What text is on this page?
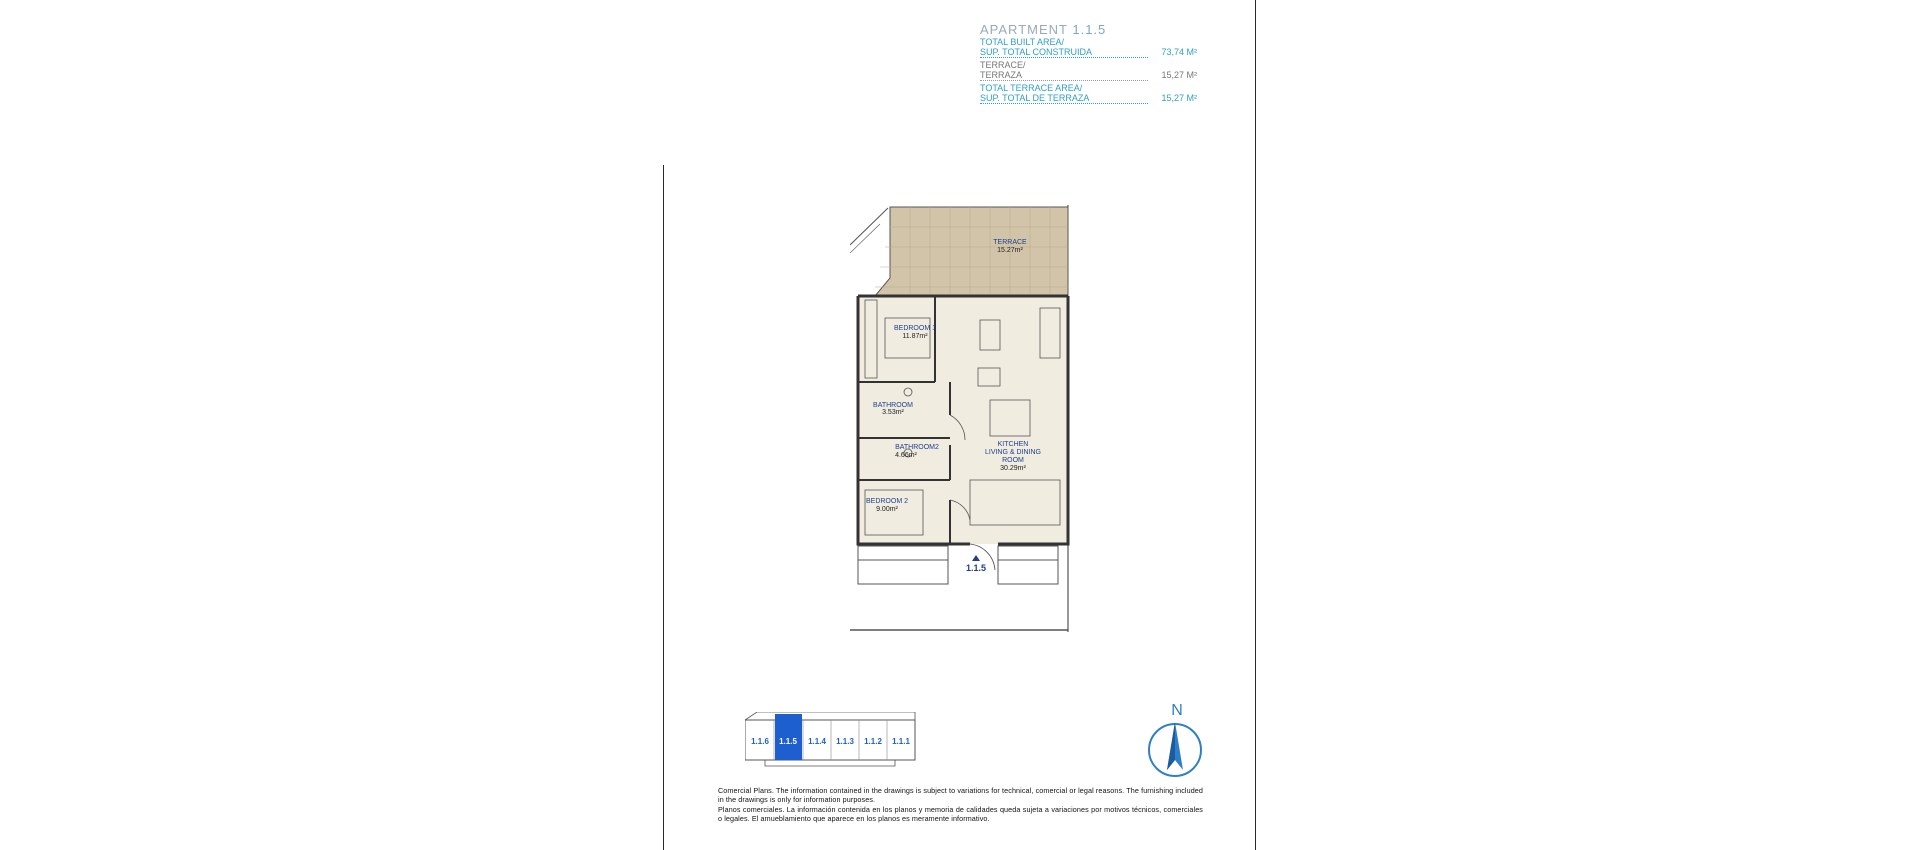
APARTMENT 1.1.5
TOTAL BUILT AREA/
SUP. TOTAL CONSTRUIDA	73,74 M²
TERRACE/
TERRAZA	15,27 M²
TOTAL TERRACE AREA/
SUP. TOTAL DE TERRAZA	15,27 M²
TERRACE
15.27m²
BEDROOM 1
11.87m²
BATHROOM
3.53m²
BATHROOM2
4.66m²
KITCHEN
LIVING & DINING
ROOM
30.29m²
BEDROOM 2
9.00m²
1.1.5
1.1.6 1.1.5 1.1.4 1.1.3 1.1.2 1.1.1
N

Comercial Plans. The information contained in the drawings is subject to variations for technical, comercial or legal reasons. The furnishing included in the drawings is only for information purposes.

Planos comerciales. La información contenida en los planos y memoria de calidades queda sujeta a variaciones por motivos técnicos, comerciales o legales. El amueblamiento que aparece en los planos es meramente informativo.
